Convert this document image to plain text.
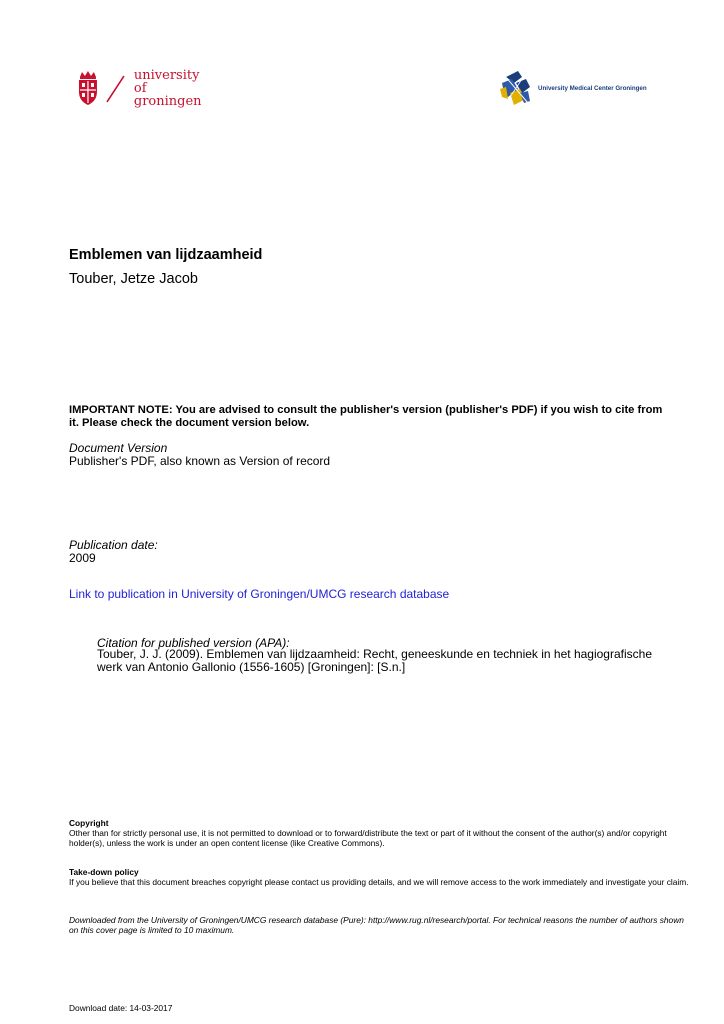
university of
groningen
University Medical Center Groningen
Emblemen van lijdzaamheid
Touber, Jetze Jacob
IMPORTANT NOTE: You are advised to consult the publisher's version (publisher's PDF) if you wish to cite from it. Please check the document version below.
Document Version
Publisher's PDF, also known as Version of record
Publication date:
2009
Link to publication in University of Groningen/UMCG research database
Citation for published version (APA):
Touber, J. J. (2009). Emblemen van lijdzaamheid: Recht, geneeskunde en techniek in het hagiografische werk van Antonio Gallonio (1556-1605) [Groningen]: [S.n.]
Copyright
Other than for strictly personal use, it is not permitted to download or to forward/distribute the text or part of it without the consent of the author(s) and/or copyright holder(s), unless the work is under an open content license (like Creative Commons).
Take-down policy
If you believe that this document breaches copyright please contact us providing details, and we will remove access to the work immediately and investigate your claim.
Downloaded from the University of Groningen/UMCG research database (Pure): http://www.rug.nl/research/portal. For technical reasons the number of authors shown on this cover page is limited to 10 maximum.
Download date: 14-03-2017
